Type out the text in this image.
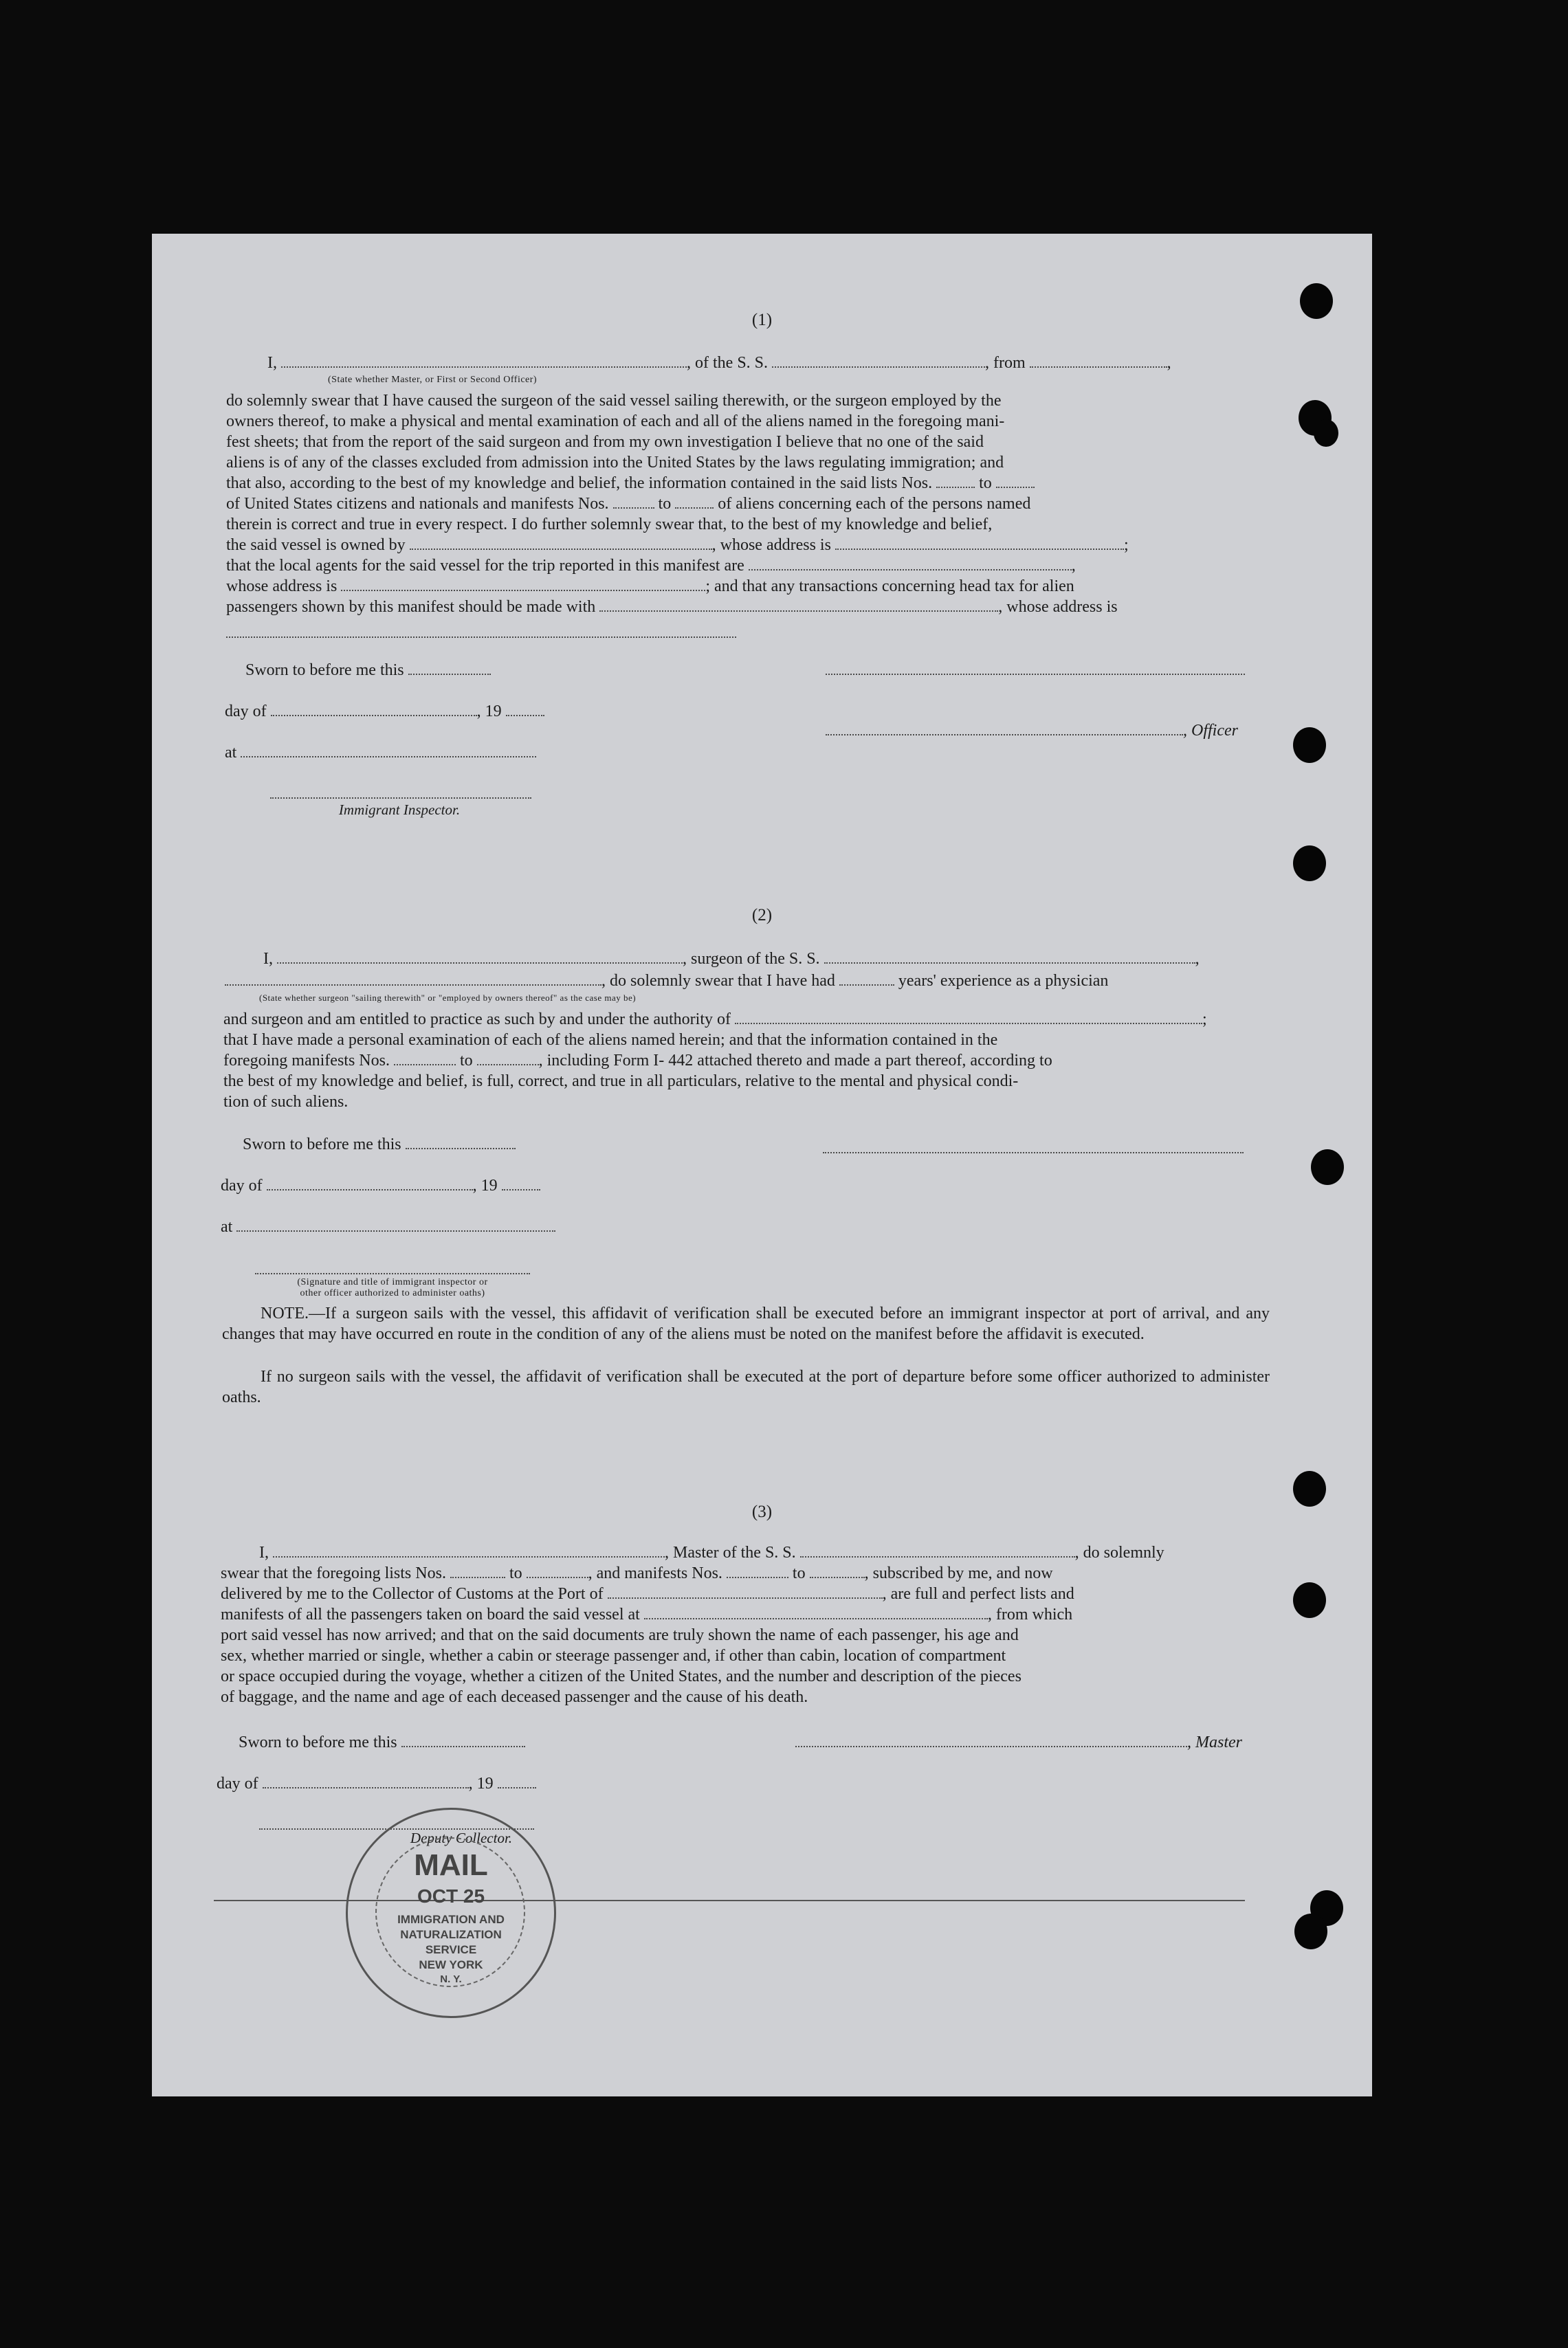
(1)
I,	, of the S. S.	, from	,
(State whether Master, or First or Second Officer)
do solemnly swear that I have caused the surgeon of the said vessel sailing therewith, or the surgeon employed by the
owners thereof, to make a physical and mental examination of each and all of the aliens named in the foregoing mani-
fest sheets; that from the report of the said surgeon and from my own investigation I believe that no one of the said
aliens is of any of the classes excluded from admission into the United States by the laws regulating immigration; and
that also, according to the best of my knowledge and belief, the information contained in the said lists Nos.	to
of United States citizens and nationals and manifests Nos.	to	of aliens concerning each of the persons named
therein is correct and true in every respect. I do further solemnly swear that, to the best of my knowledge and belief,
the said vessel is owned by	, whose address is	;
that the local agents for the said vessel for the trip reported in this manifest are	,
whose address is	; and that any transactions concerning head tax for alien
passengers shown by this manifest should be made with	, whose address is
Sworn to before me this
day of	, 19
at
Immigrant Inspector.
, Officer
(2)
I,	, surgeon of the S. S.	,
, do solemnly swear that I have had	years' experience as a physician
(State whether surgeon "sailing therewith" or "employed by owners thereof" as the case may be)
and surgeon and am entitled to practice as such by and under the authority of	;
that I have made a personal examination of each of the aliens named herein; and that the information contained in the
foregoing manifests Nos.	to	, including Form I- 442 attached thereto and made a part thereof, according to
the best of my knowledge and belief, is full, correct, and true in all particulars, relative to the mental and physical condi-
tion of such aliens.
Sworn to before me this
day of	, 19
at
(Signature and title of immigrant inspector or
other officer authorized to administer oaths)
NOTE.—If a surgeon sails with the vessel, this affidavit of verification shall be executed before an immigrant inspector at port of arrival, and any changes that may have occurred en route in the condition of any of the aliens must be noted on the manifest before the affidavit is executed.
If no surgeon sails with the vessel, the affidavit of verification shall be executed at the port of departure before some officer authorized to administer oaths.
(3)
I,	, Master of the S. S.	, do solemnly
swear that the foregoing lists Nos.	to	, and manifests Nos.	to	, subscribed by me, and now
delivered by me to the Collector of Customs at the Port of	, are full and perfect lists and
manifests of all the passengers taken on board the said vessel at	, from which
port said vessel has now arrived; and that on the said documents are truly shown the name of each passenger, his age and
sex, whether married or single, whether a cabin or steerage passenger and, if other than cabin, location of compartment
or space occupied during the voyage, whether a citizen of the United States, and the number and description of the pieces
of baggage, and the name and age of each deceased passenger and the cause of his death.
Sworn to before me this	, Master
day of	, 19
Deputy Collector.
MAIL
OCT 25
IMMIGRATION AND
NATURALIZATION
SERVICE
NEW YORK
N. Y.
